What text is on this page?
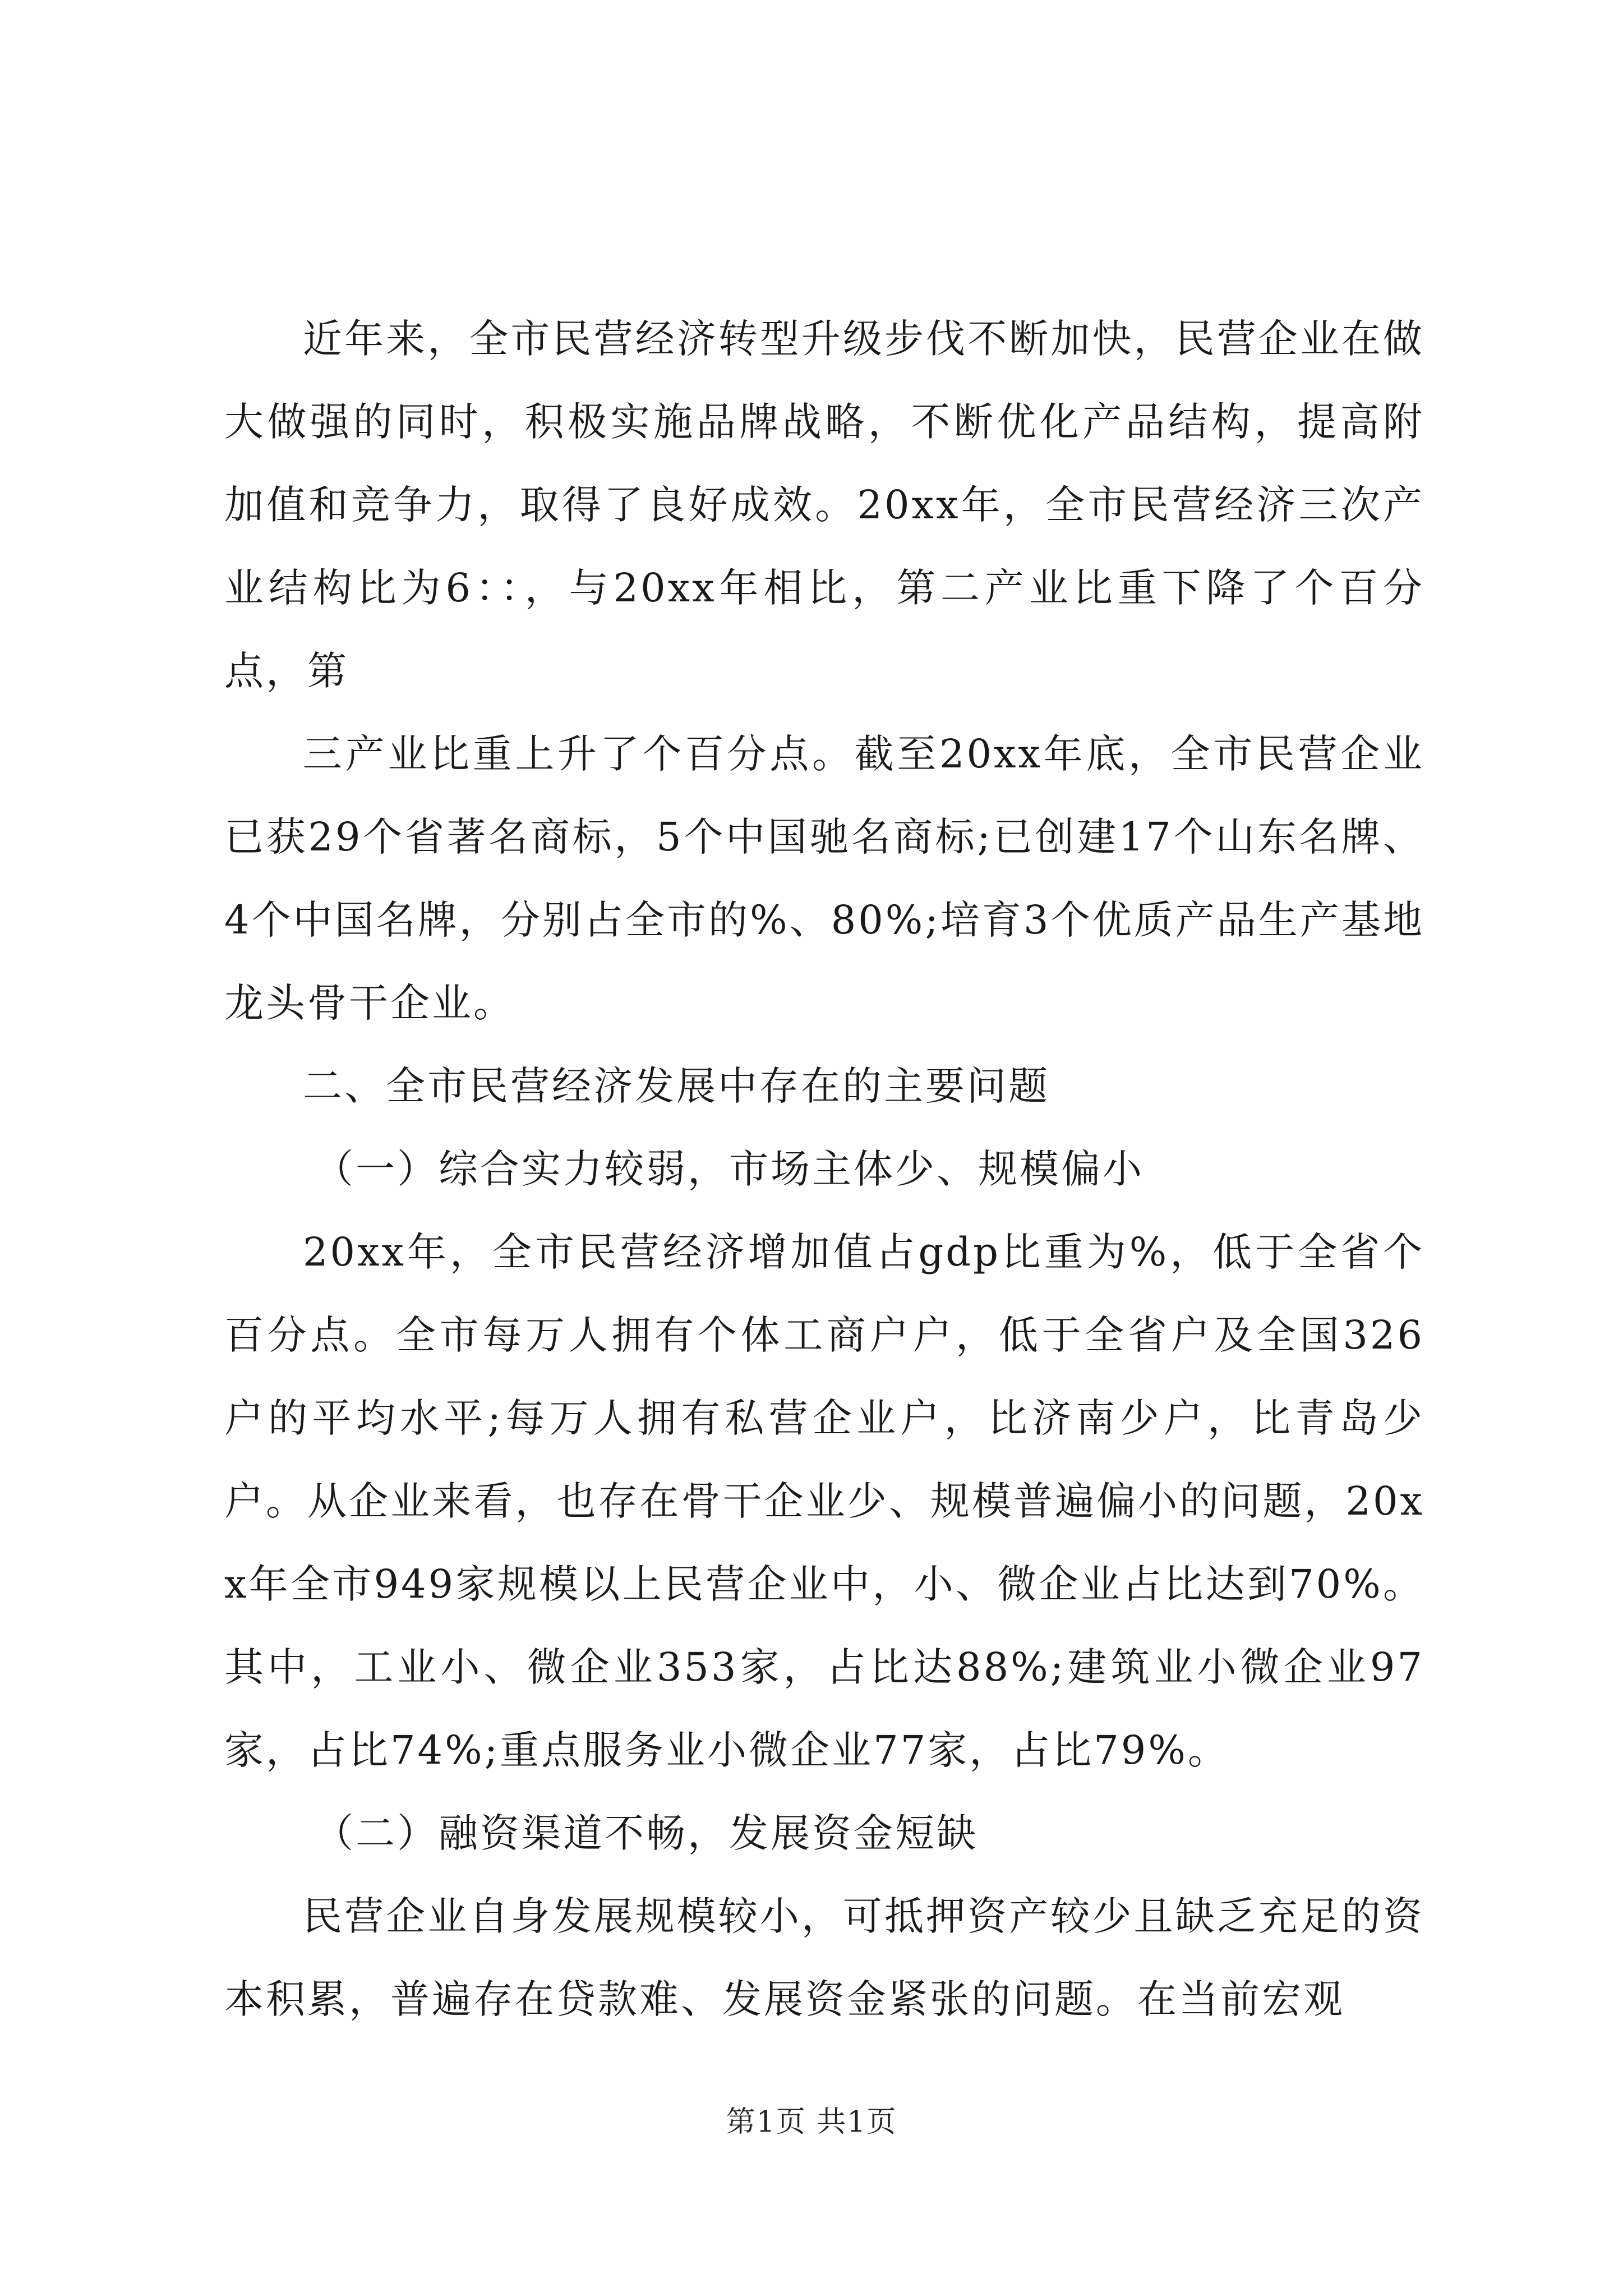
近年来，全市民营经济转型升级步伐不断加快，民营企业在做大做强的同时，积极实施品牌战略，不断优化产品结构，提高附加值和竞争力，取得了良好成效。20xx年，全市民营经济三次产业结构比为6：：，与20xx年相比，第二产业比重下降了个百分点，第

三产业比重上升了个百分点。截至20xx年底，全市民营企业已获29个省著名商标，5个中国驰名商标;已创建17个山东名牌、4个中国名牌，分别占全市的%、80%;培育3个优质产品生产基地龙头骨干企业。

二、全市民营经济发展中存在的主要问题

（一）综合实力较弱，市场主体少、规模偏小

20xx年，全市民营经济增加值占gdp比重为%，低于全省个百分点。全市每万人拥有个体工商户户，低于全省户及全国326户的平均水平;每万人拥有私营企业户，比济南少户，比青岛少户。从企业来看，也存在骨干企业少、规模普遍偏小的问题，20xx年全市949家规模以上民营企业中，小、微企业占比达到70%。其中，工业小、微企业353家，占比达88%;建筑业小微企业97家，占比74%;重点服务业小微企业77家，占比79%。

（二）融资渠道不畅，发展资金短缺

民营企业自身发展规模较小，可抵押资产较少且缺乏充足的资本积累，普遍存在贷款难、发展资金紧张的问题。在当前宏观

第1页 共1页
